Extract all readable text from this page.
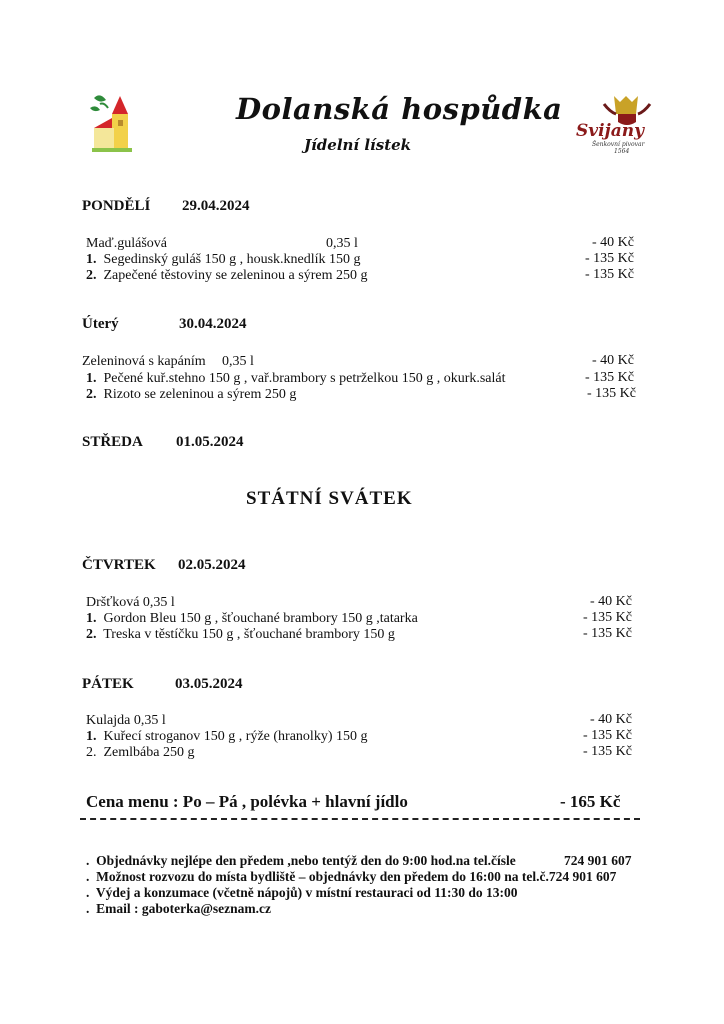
Dolanská hospůdka
Jídelní lístek
Svijany
Šenkovní pivovar
1564
PONDĚLÍ 29.04.2024
Maď.gulášová	0,35 l	- 40 Kč
1. Segedinský guláš 150 g , housk.knedlík 150 g	- 135 Kč
2. Zapečené těstoviny se zeleninou a sýrem 250 g	- 135 Kč
Úterý	30.04.2024
Zeleninová s kapáním 0,35 l	- 40 Kč
1. Pečené kuř.stehno 150 g , vař.brambory s petrželkou 150 g , okurk.salát	- 135 Kč
2. Rizoto se zeleninou a sýrem 250 g	- 135 Kč
STŘEDA 01.05.2024
STÁTNÍ SVÁTEK
ČTVRTEK 02.05.2024
Dršťková 0,35 l	- 40 Kč
1. Gordon Bleu 150 g , šťouchané brambory 150 g ,tatarka	- 135 Kč
2. Treska v těstíčku 150 g , šťouchané brambory 150 g	- 135 Kč
PÁTEK	03.05.2024
Kulajda 0,35 l	- 40 Kč
1. Kuřecí stroganov 150 g , rýže (hranolky) 150 g	- 135 Kč
2. Zemlbába 250 g	- 135 Kč
Cena menu : Po – Pá , polévka + hlavní jídlo	- 165 Kč
. Objednávky nejlépe den předem ,nebo tentýž den do 9:00 hod.na tel.čísle	724 901 607
. Možnost rozvozu do místa bydliště – objednávky den předem do 16:00 na tel.č.724 901 607
. Výdej a konzumace (včetně nápojů) v místní restauraci od 11:30 do 13:00
. Email : gaboterka@seznam.cz
